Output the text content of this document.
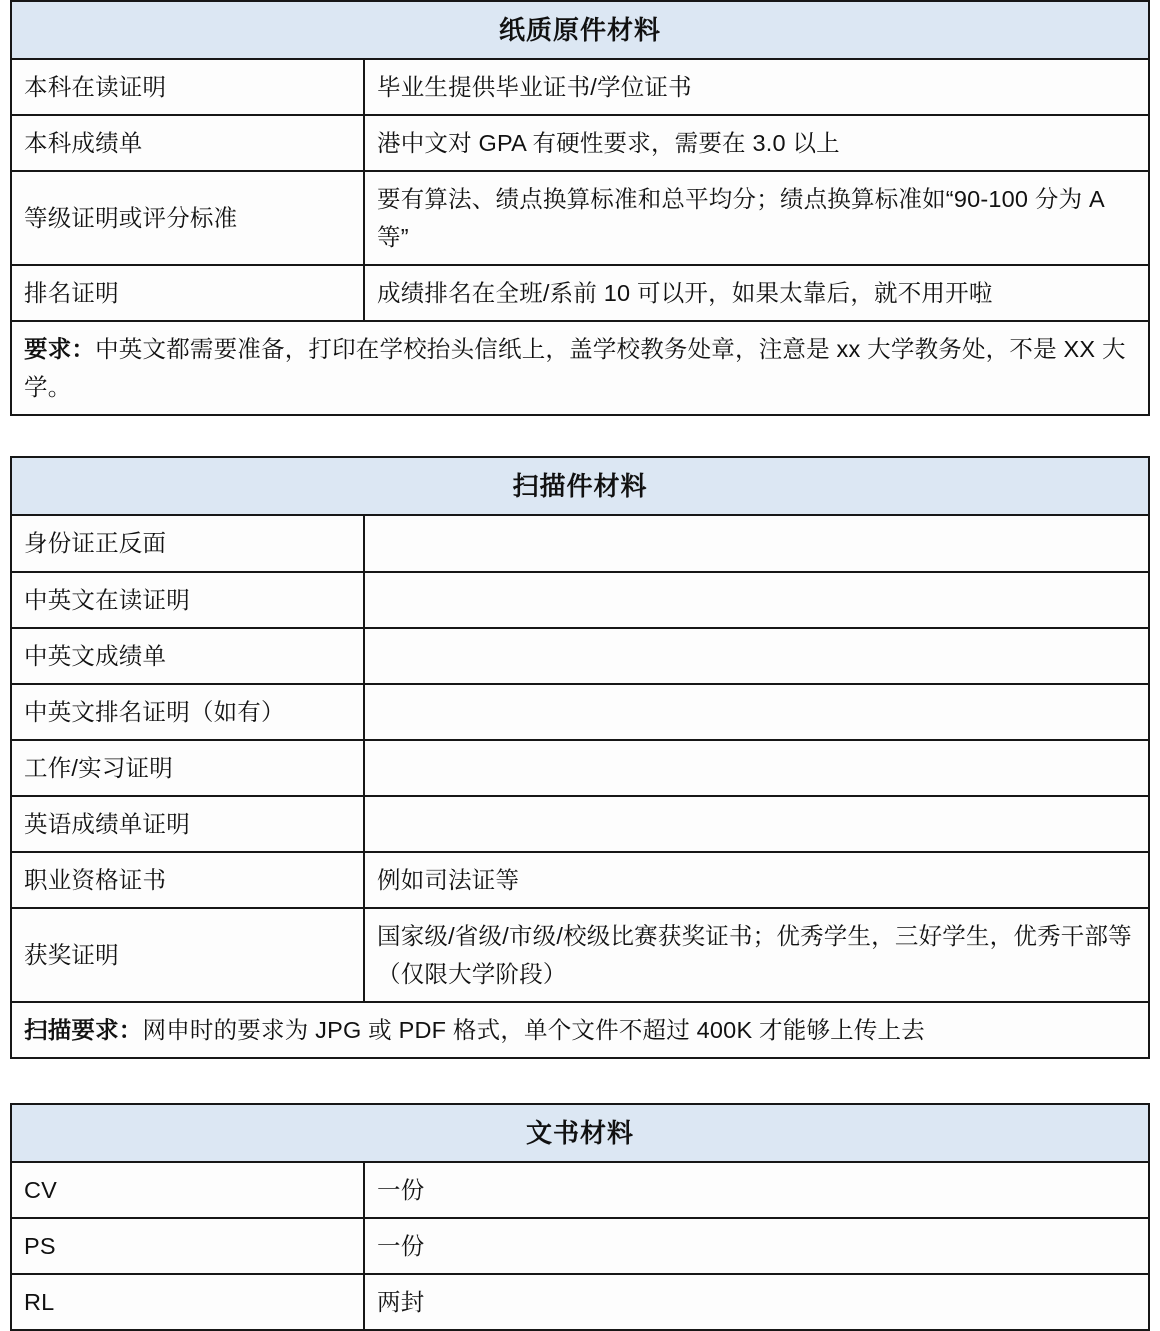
纸质原件材料	
本科在读证明	毕业生提供毕业证书/学位证书
本科成绩单	港中文对 GPA 有硬性要求，需要在 3.0 以上
等级证明或评分标准	要有算法、绩点换算标准和总平均分；绩点换算标准如“90-100 分为 A 等”
排名证明	成绩排名在全班/系前 10 可以开，如果太靠后，就不用开啦
要求：中英文都需要准备，打印在学校抬头信纸上，盖学校教务处章，注意是 xx 大学教务处，不是 XX 大学。	
扫描件材料	
身份证正反面	
中英文在读证明	
中英文成绩单	
中英文排名证明（如有）	
工作/实习证明	
英语成绩单证明	
职业资格证书	例如司法证等
获奖证明	国家级/省级/市级/校级比赛获奖证书；优秀学生，三好学生，优秀干部等（仅限大学阶段）
扫描要求：网申时的要求为 JPG 或 PDF 格式，单个文件不超过 400K 才能够上传上去	
文书材料	
CV	一份
PS	一份
RL	两封
